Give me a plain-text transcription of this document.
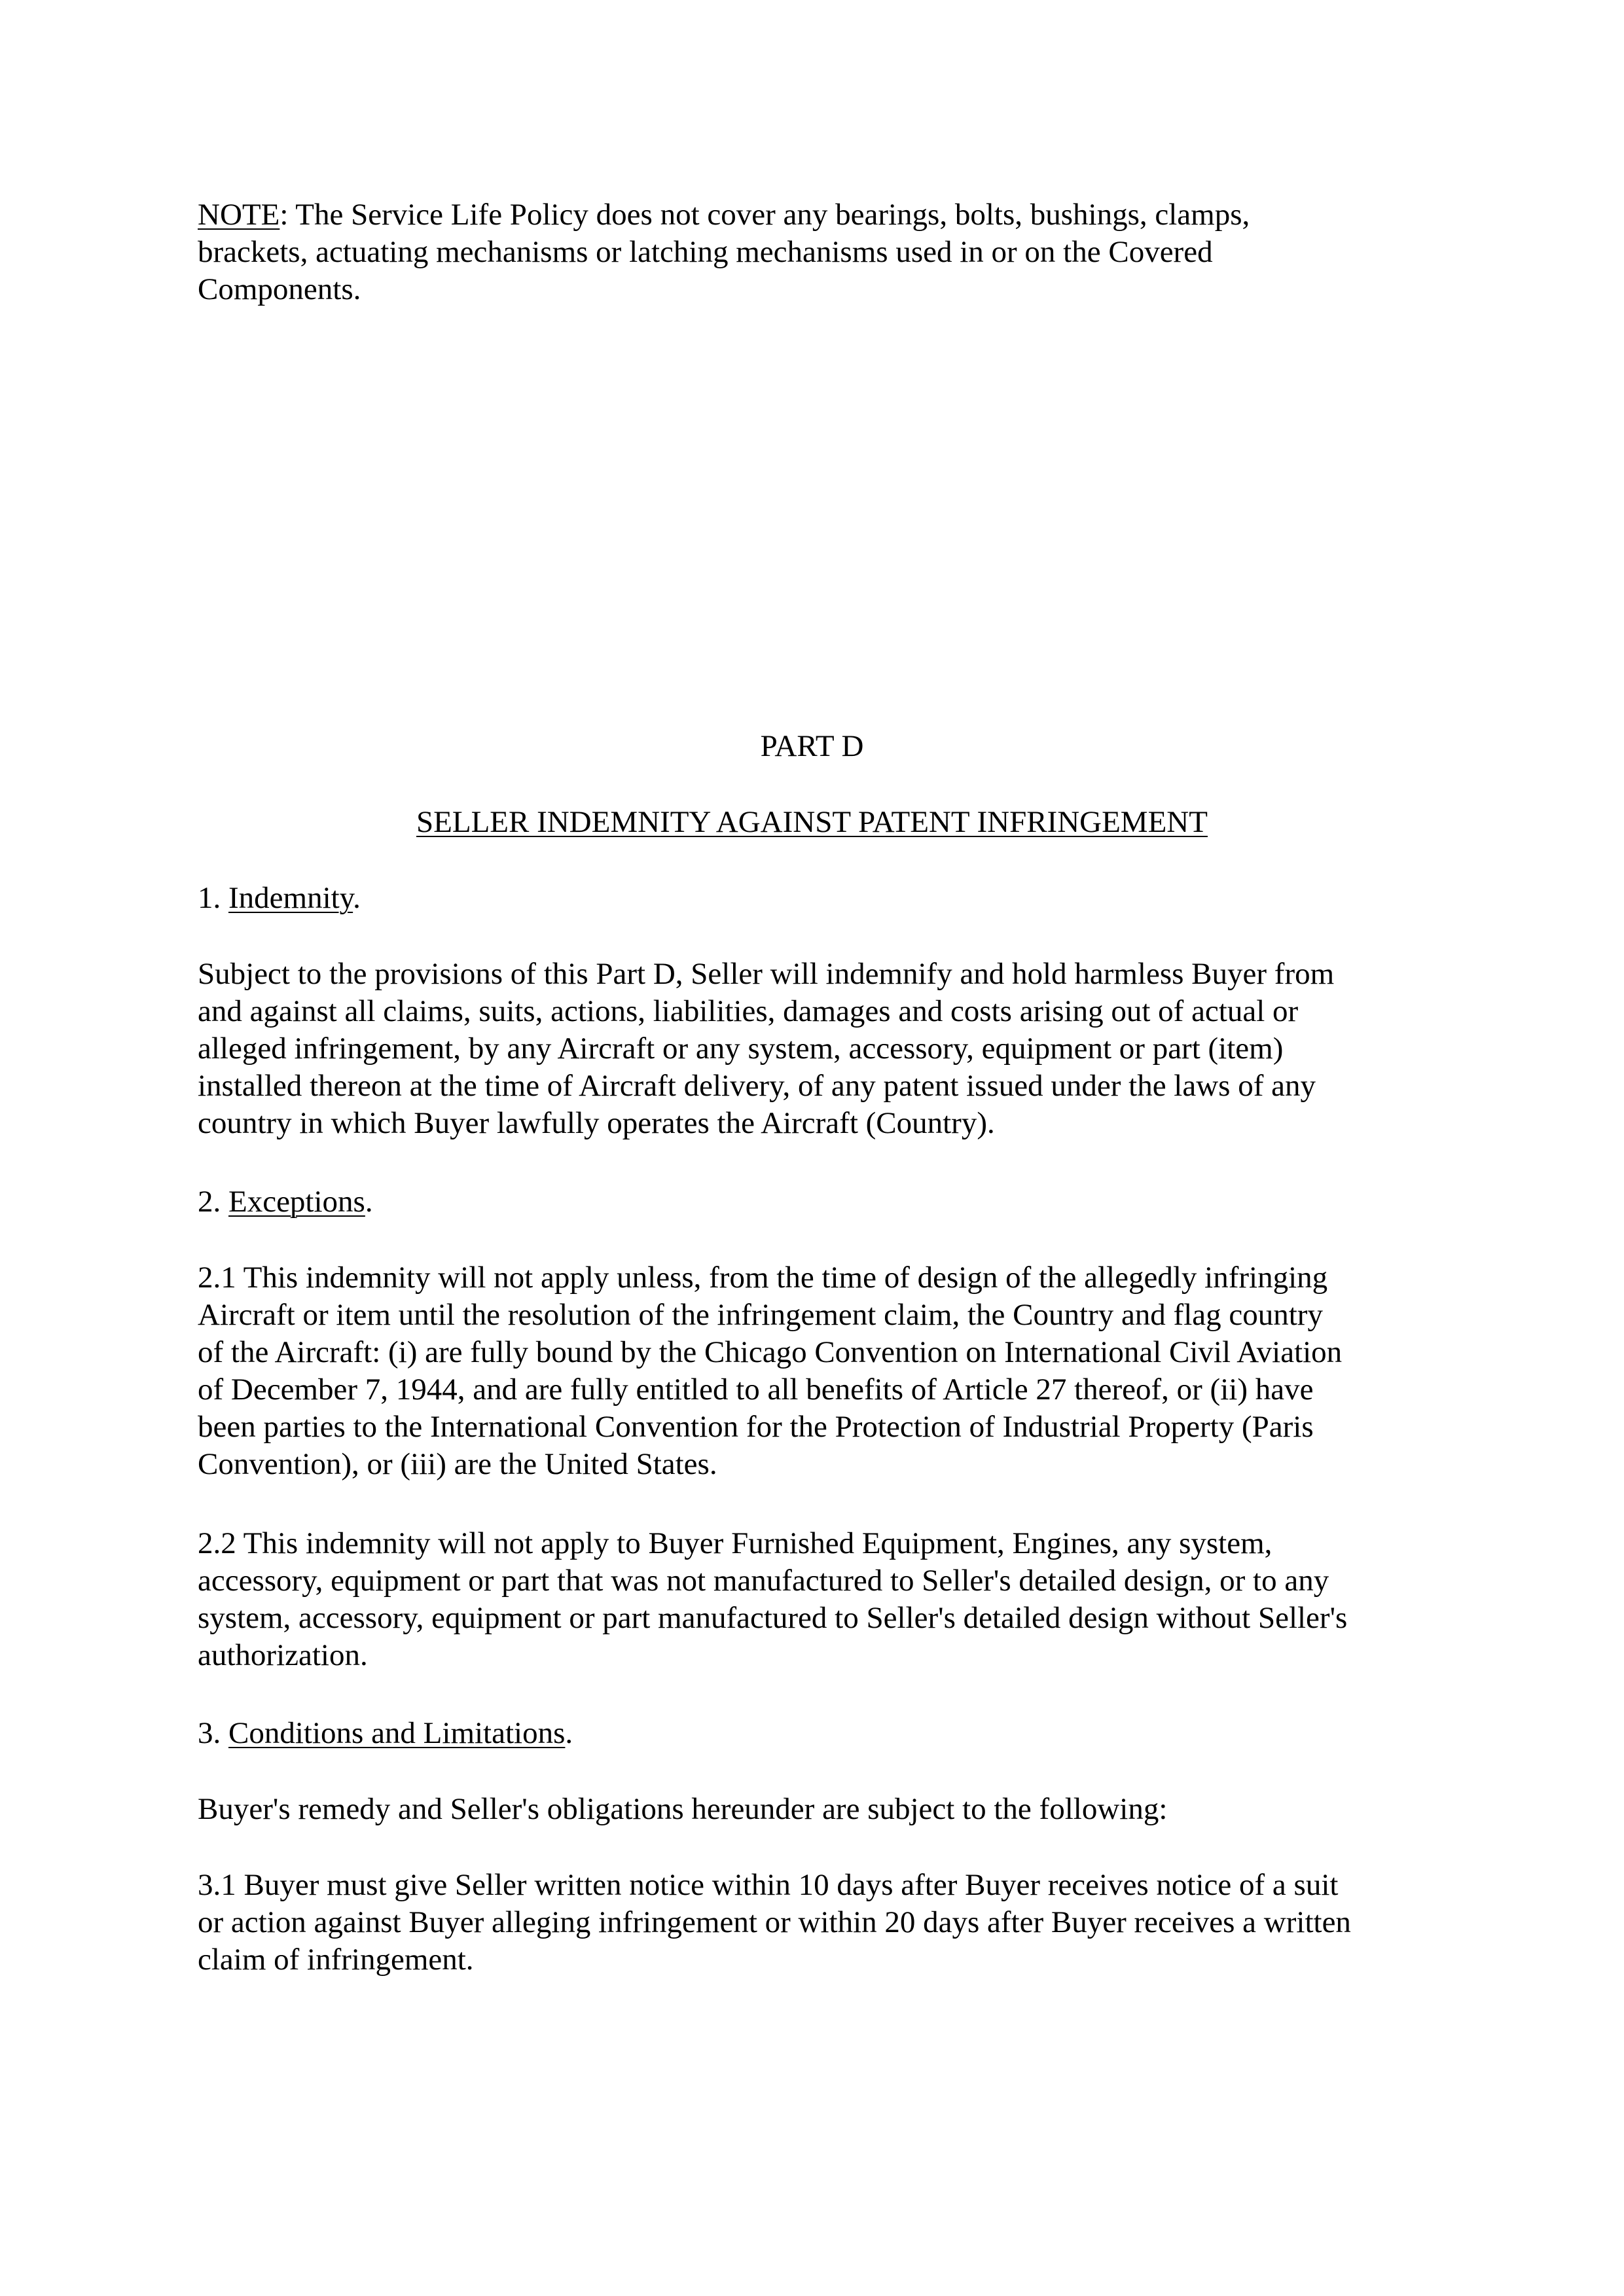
NOTE: The Service Life Policy does not cover any bearings, bolts, bushings, clamps,
brackets, actuating mechanisms or latching mechanisms used in or on the Covered
Components.

PART D

SELLER INDEMNITY AGAINST PATENT INFRINGEMENT

1. Indemnity.

Subject to the provisions of this Part D, Seller will indemnify and hold harmless Buyer from
and against all claims, suits, actions, liabilities, damages and costs arising out of actual or
alleged infringement, by any Aircraft or any system, accessory, equipment or part (item)
installed thereon at the time of Aircraft delivery, of any patent issued under the laws of any
country in which Buyer lawfully operates the Aircraft (Country).

2. Exceptions.

2.1 This indemnity will not apply unless, from the time of design of the allegedly infringing
Aircraft or item until the resolution of the infringement claim, the Country and flag country
of the Aircraft: (i) are fully bound by the Chicago Convention on International Civil Aviation
of December 7, 1944, and are fully entitled to all benefits of Article 27 thereof, or (ii) have
been parties to the International Convention for the Protection of Industrial Property (Paris
Convention), or (iii) are the United States.

2.2 This indemnity will not apply to Buyer Furnished Equipment, Engines, any system,
accessory, equipment or part that was not manufactured to Seller's detailed design, or to any
system, accessory, equipment or part manufactured to Seller's detailed design without Seller's
authorization.

3. Conditions and Limitations.

Buyer's remedy and Seller's obligations hereunder are subject to the following:

3.1 Buyer must give Seller written notice within 10 days after Buyer receives notice of a suit
or action against Buyer alleging infringement or within 20 days after Buyer receives a written
claim of infringement.
